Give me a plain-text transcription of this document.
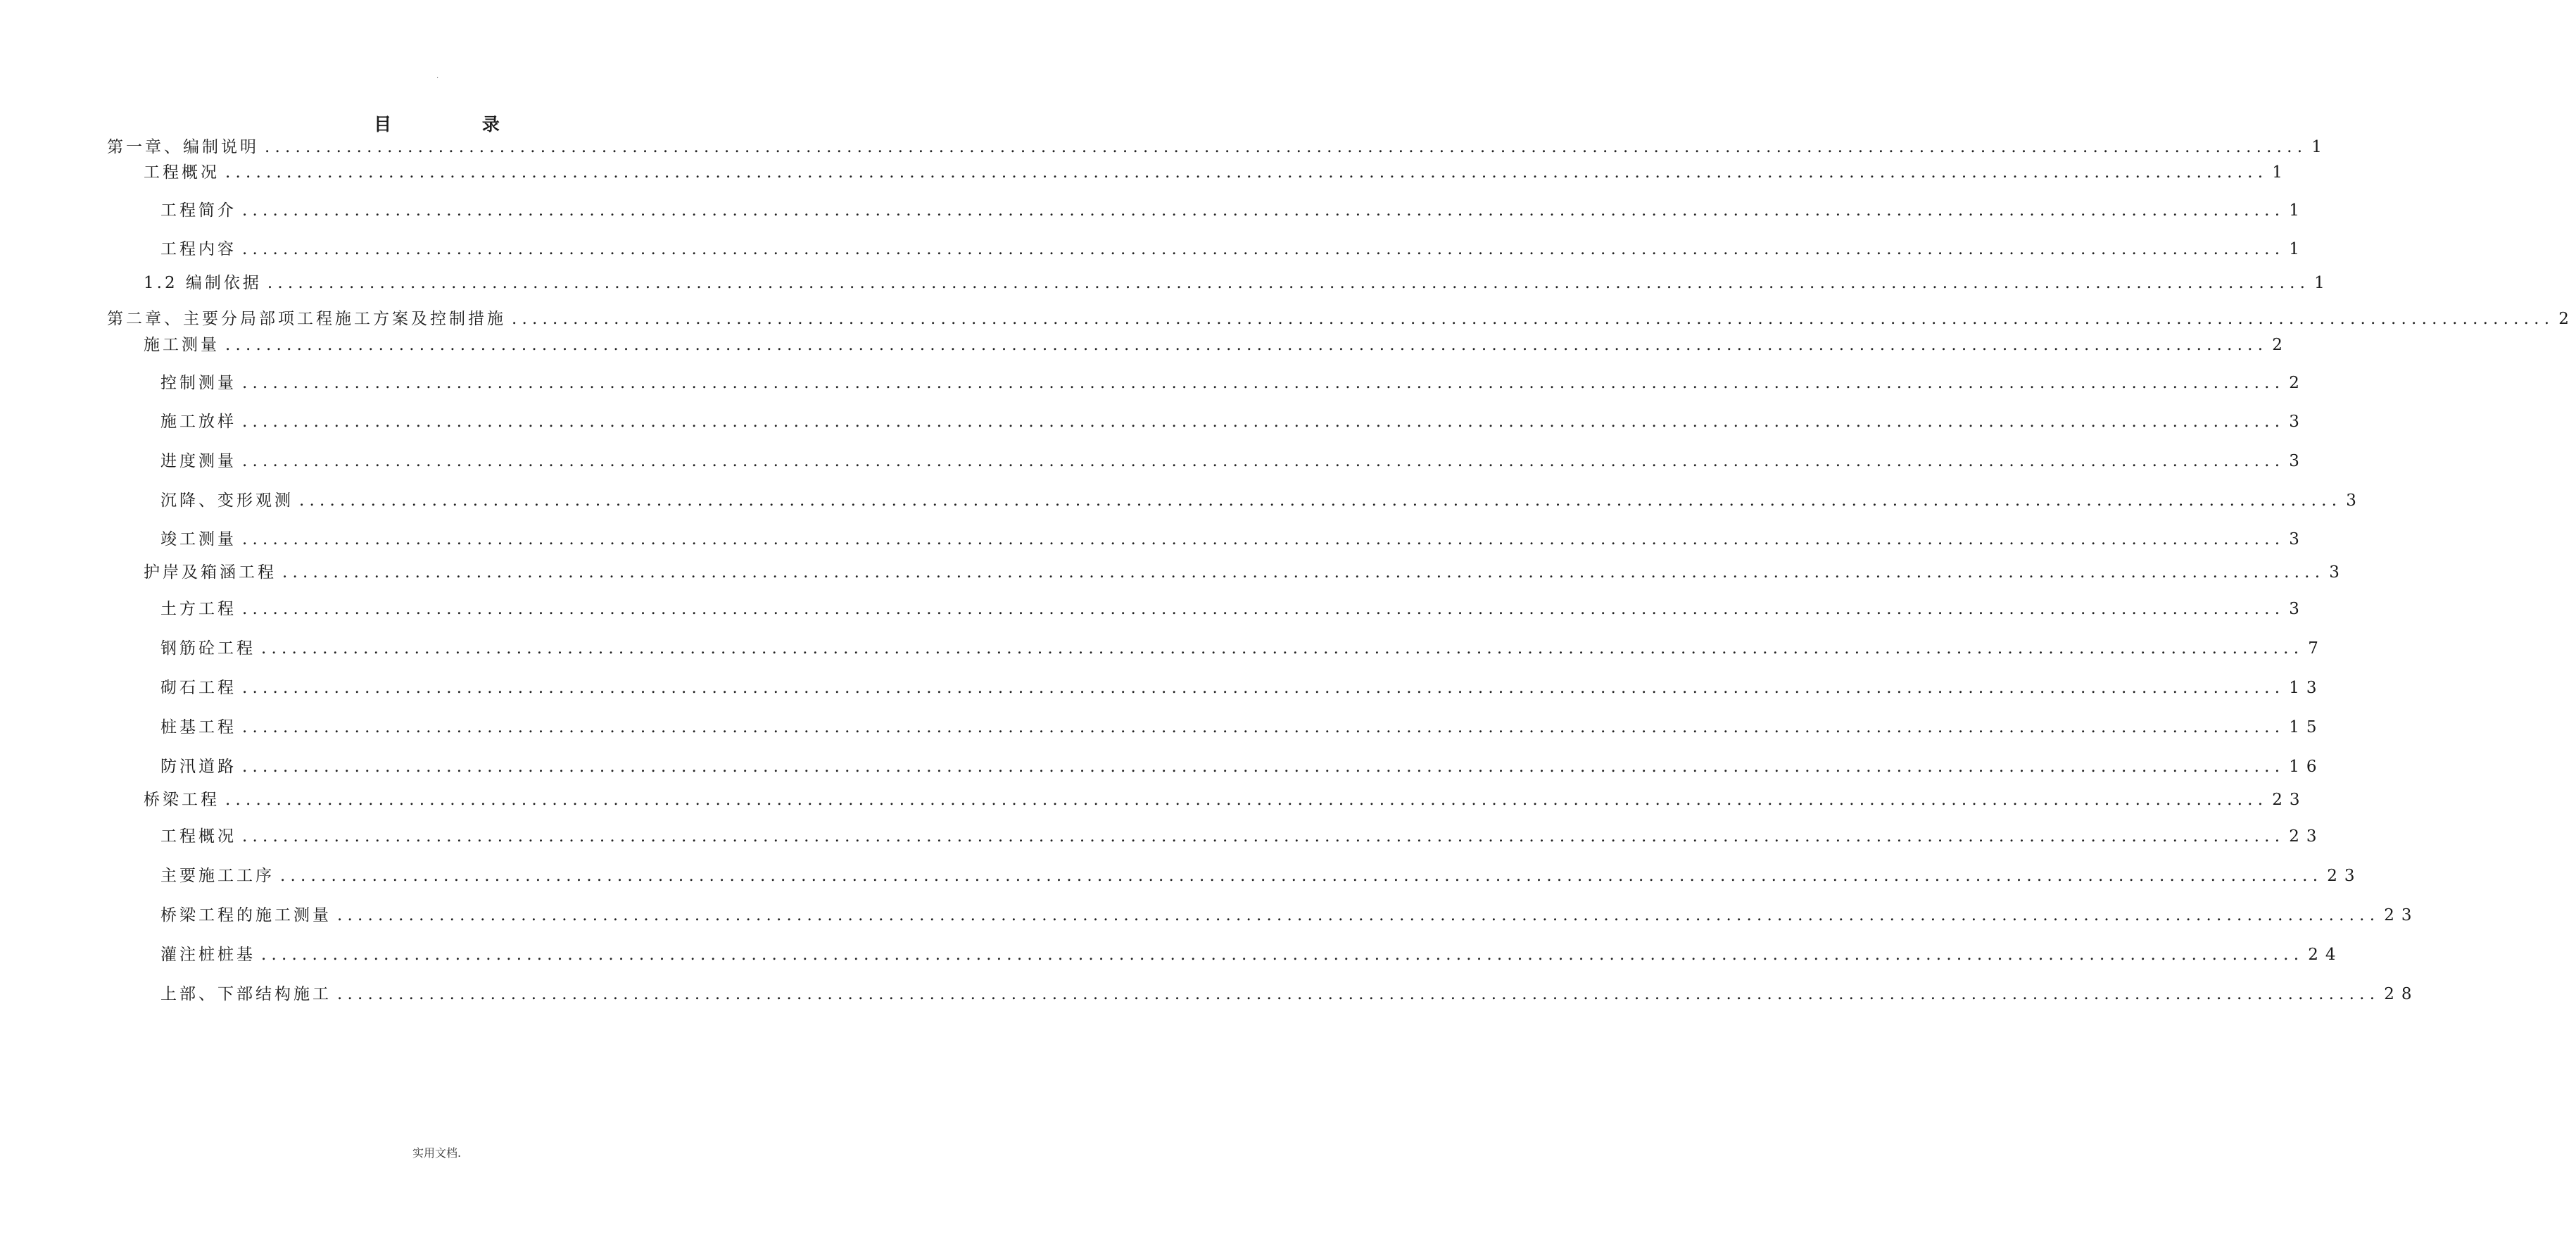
.
目 录
第一章、编制说明 ........................................................................................................................................................................................................ 1
工程概况 ........................................................................................................................................................................................................ 1
工程简介 ........................................................................................................................................................................................................ 1
工程内容 ........................................................................................................................................................................................................ 1
1.2 编制依据 ........................................................................................................................................................................................................ 1
第二章、主要分局部项工程施工方案及控制措施 ........................................................................................................................................................................................................ 2
施工测量 ........................................................................................................................................................................................................ 2
控制测量 ........................................................................................................................................................................................................ 2
施工放样 ........................................................................................................................................................................................................ 3
进度测量 ........................................................................................................................................................................................................ 3
沉降、变形观测 ........................................................................................................................................................................................................ 3
竣工测量 ........................................................................................................................................................................................................ 3
护岸及箱涵工程 ........................................................................................................................................................................................................ 3
土方工程 ........................................................................................................................................................................................................ 3
钢筋砼工程 ........................................................................................................................................................................................................ 7
砌石工程 ........................................................................................................................................................................................................ 13
桩基工程 ........................................................................................................................................................................................................ 15
防汛道路 ........................................................................................................................................................................................................ 16
桥梁工程 ........................................................................................................................................................................................................ 23
工程概况 ........................................................................................................................................................................................................ 23
主要施工工序 ........................................................................................................................................................................................................ 23
桥梁工程的施工测量 ........................................................................................................................................................................................................ 23
灌注桩桩基 ........................................................................................................................................................................................................ 24
上部、下部结构施工 ........................................................................................................................................................................................................ 28
实用文档.
